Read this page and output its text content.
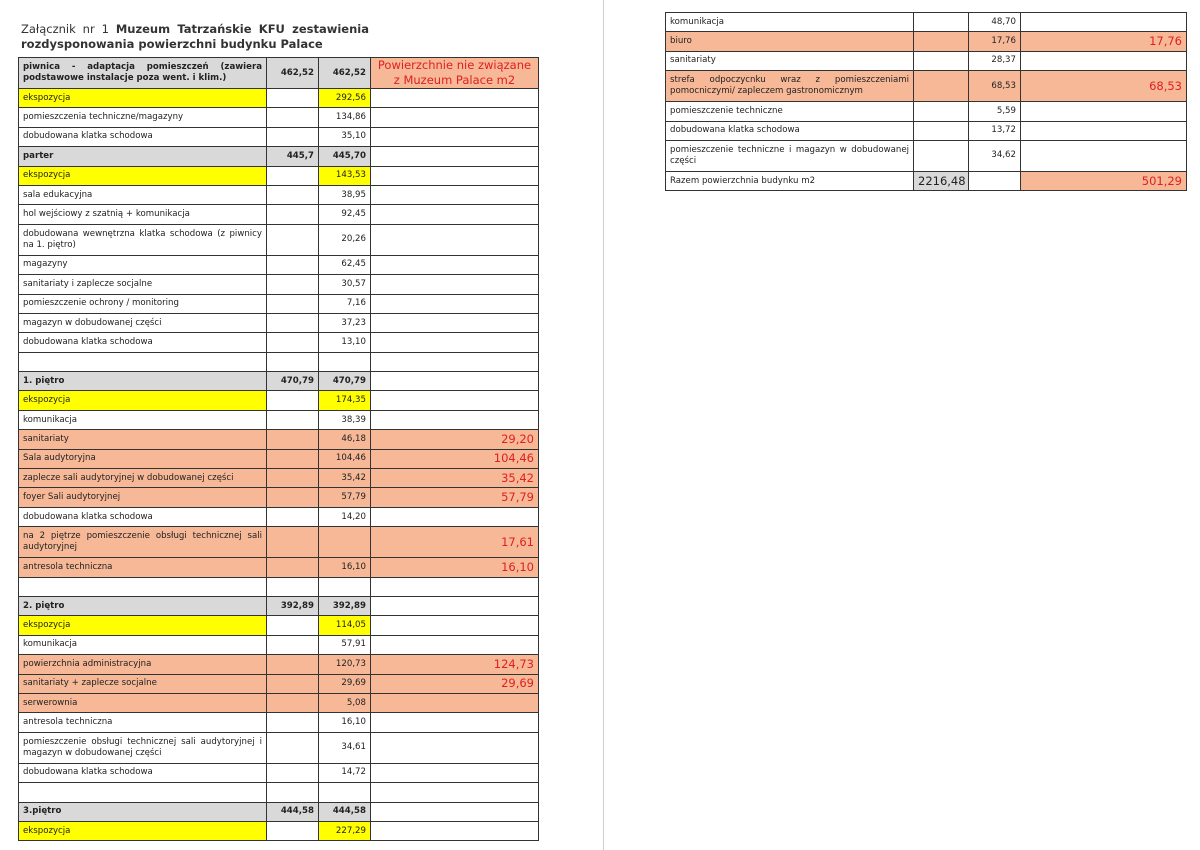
Załącznik nr 1 Muzeum Tatrzańskie KFU zestawienia rozdysponowania powierzchni budynku Palace
piwnica - adaptacja pomieszczeń (zawiera podstawowe instalacje poza went. i klim.)	462,52	462,52	Powierzchnie nie związane z Muzeum Palace m2
ekspozycja		292,56	
pomieszczenia techniczne/magazyny		134,86	
dobudowana klatka schodowa		35,10	
parter	445,7	445,70	
ekspozycja		143,53	
sala edukacyjna		38,95	
hol wejściowy z szatnią + komunikacja		92,45	
dobudowana wewnętrzna klatka schodowa (z piwnicy na 1. piętro)		20,26	
magazyny		62,45	
sanitariaty i zaplecze socjalne		30,57	
pomieszczenie ochrony / monitoring		7,16	
magazyn w dobudowanej części		37,23	
dobudowana klatka schodowa		13,10	

1. piętro	470,79	470,79	
ekspozycja		174,35	
komunikacja		38,39	
sanitariaty		46,18	29,20
Sala audytoryjna		104,46	104,46
zaplecze sali audytoryjnej w dobudowanej części		35,42	35,42
foyer Sali audytoryjnej		57,79	57,79
dobudowana klatka schodowa		14,20	
na 2 piętrze pomieszczenie obsługi technicznej sali audytoryjnej			17,61
antresola techniczna		16,10	16,10

2. piętro	392,89	392,89	
ekspozycja		114,05	
komunikacja		57,91	
powierzchnia administracyjna		120,73	124,73
sanitariaty + zaplecze socjalne		29,69	29,69
serwerownia		5,08	
antresola techniczna		16,10	
pomieszczenie obsługi technicznej sali audytoryjnej i magazyn w dobudowanej części		34,61	
dobudowana klatka schodowa		14,72	

3.piętro	444,58	444,58	
ekspozycja		227,29	
komunikacja		48,70	
biuro		17,76	17,76
sanitariaty		28,37	
strefa odpoczycnku wraz z pomieszczeniami pomocniczymi/ zapleczem gastronomicznym		68,53	68,53
pomieszczenie techniczne		5,59	
dobudowana klatka schodowa		13,72	
pomieszczenie techniczne i magazyn w dobudowanej części		34,62	
Razem powierzchnia budynku m2	2216,48		501,29
